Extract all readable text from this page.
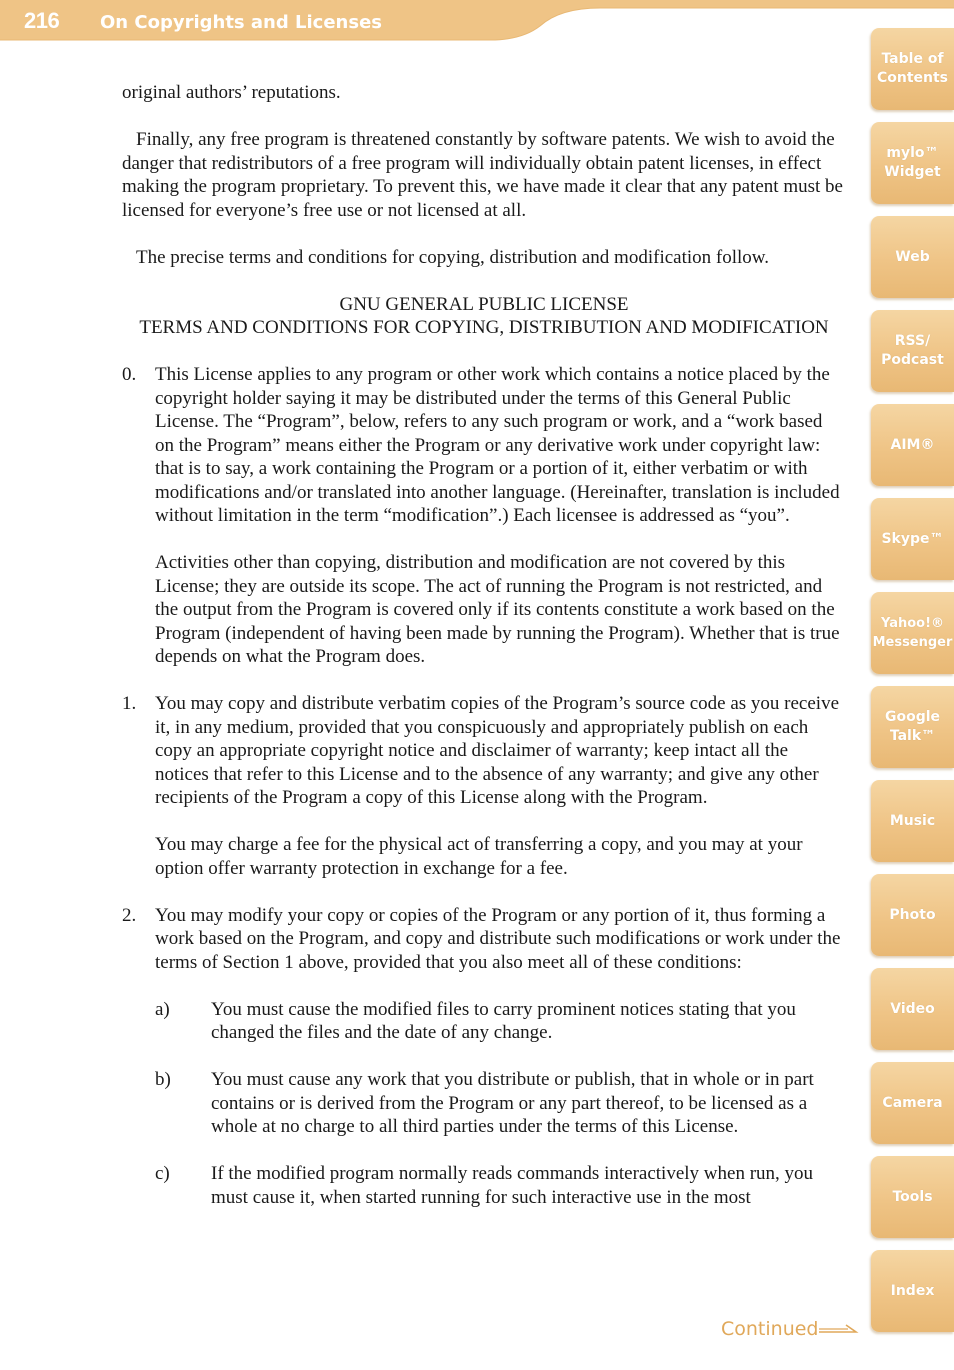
216 On Copyrights and Licenses

original authors’ reputations.

Finally, any free program is threatened constantly by software patents. We wish to avoid the danger that redistributors of a free program will individually obtain patent licenses, in effect making the program proprietary. To prevent this, we have made it clear that any patent must be licensed for everyone’s free use or not licensed at all.

The precise terms and conditions for copying, distribution and modification follow.

GNU GENERAL PUBLIC LICENSE
TERMS AND CONDITIONS FOR COPYING, DISTRIBUTION AND MODIFICATION

0. This License applies to any program or other work which contains a notice placed by the copyright holder saying it may be distributed under the terms of this General Public License. The “Program”, below, refers to any such program or work, and a “work based on the Program” means either the Program or any derivative work under copyright law: that is to say, a work containing the Program or a portion of it, either verbatim or with modifications and/or translated into another language. (Hereinafter, translation is included without limitation in the term “modification”.) Each licensee is addressed as “you”.

Activities other than copying, distribution and modification are not covered by this License; they are outside its scope. The act of running the Program is not restricted, and the output from the Program is covered only if its contents constitute a work based on the Program (independent of having been made by running the Program). Whether that is true depends on what the Program does.

1. You may copy and distribute verbatim copies of the Program’s source code as you receive it, in any medium, provided that you conspicuously and appropriately publish on each copy an appropriate copyright notice and disclaimer of warranty; keep intact all the notices that refer to this License and to the absence of any warranty; and give any other recipients of the Program a copy of this License along with the Program.

You may charge a fee for the physical act of transferring a copy, and you may at your option offer warranty protection in exchange for a fee.

2. You may modify your copy or copies of the Program or any portion of it, thus forming a work based on the Program, and copy and distribute such modifications or work under the terms of Section 1 above, provided that you also meet all of these conditions:

a)	You must cause the modified files to carry prominent notices stating that you changed the files and the date of any change.
b)	You must cause any work that you distribute or publish, that in whole or in part contains or is derived from the Program or any part thereof, to be licensed as a whole at no charge to all third parties under the terms of this License.
c)	If the modified program normally reads commands interactively when run, you must cause it, when started running for such interactive use in the most
Table of
Contents
mylo™
Widget
Web
RSS/
Podcast
AIM®
Skype™
Yahoo!®
Messenger
Google
Talk™
Music
Photo
Video
Camera
Tools
Index
Continued
